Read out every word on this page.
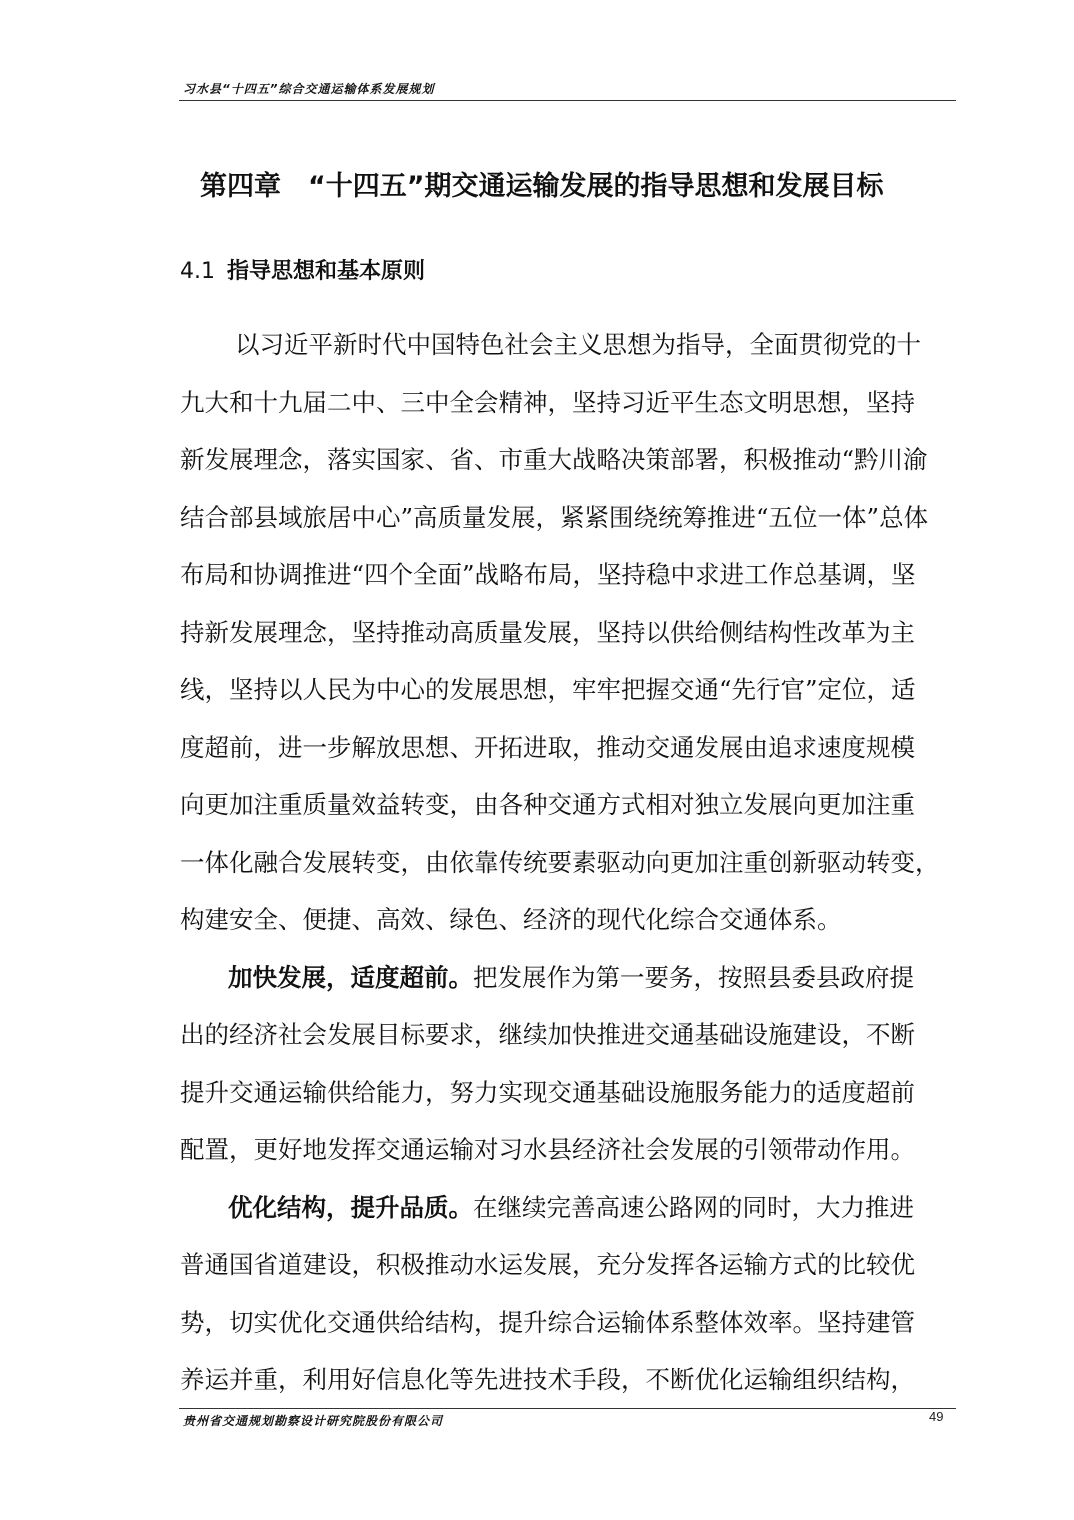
习水县“十四五”综合交通运输体系发展规划
第四章　“十四五”期交通运输发展的指导思想和发展目标
4.1 指导思想和基本原则
以习近平新时代中国特色社会主义思想为指导，全面贯彻党的十
九大和十九届二中、三中全会精神，坚持习近平生态文明思想，坚持
新发展理念，落实国家、省、市重大战略决策部署，积极推动“黔川渝
结合部县域旅居中心”高质量发展，紧紧围绕统筹推进“五位一体”总体
布局和协调推进“四个全面”战略布局，坚持稳中求进工作总基调，坚
持新发展理念，坚持推动高质量发展，坚持以供给侧结构性改革为主
线，坚持以人民为中心的发展思想，牢牢把握交通“先行官”定位，适
度超前，进一步解放思想、开拓进取，推动交通发展由追求速度规模
向更加注重质量效益转变，由各种交通方式相对独立发展向更加注重
一体化融合发展转变，由依靠传统要素驱动向更加注重创新驱动转变，
构建安全、便捷、高效、绿色、经济的现代化综合交通体系。
加快发展，适度超前。把发展作为第一要务，按照县委县政府提
出的经济社会发展目标要求，继续加快推进交通基础设施建设，不断
提升交通运输供给能力，努力实现交通基础设施服务能力的适度超前
配置，更好地发挥交通运输对习水县经济社会发展的引领带动作用。
优化结构，提升品质。在继续完善高速公路网的同时，大力推进
普通国省道建设，积极推动水运发展，充分发挥各运输方式的比较优
势，切实优化交通供给结构，提升综合运输体系整体效率。坚持建管
养运并重，利用好信息化等先进技术手段，不断优化运输组织结构，
贵州省交通规划勘察设计研究院股份有限公司	49
